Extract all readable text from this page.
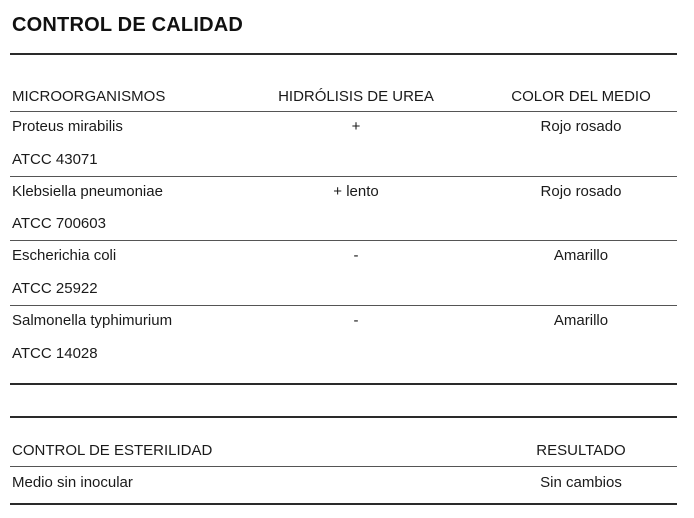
CONTROL DE CALIDAD
MICROORGANISMOS	HIDRÓLISIS DE UREA	COLOR DEL MEDIO
Proteus mirabilis
ATCC 43071
+	Rojo rosado
Klebsiella pneumoniae
ATCC 700603
+ lento	Rojo rosado
Escherichia coli
ATCC 25922
-	Amarillo
Salmonella typhimurium
ATCC 14028
-	Amarillo
CONTROL DE ESTERILIDAD	RESULTADO
Medio sin inocular	Sin cambios
